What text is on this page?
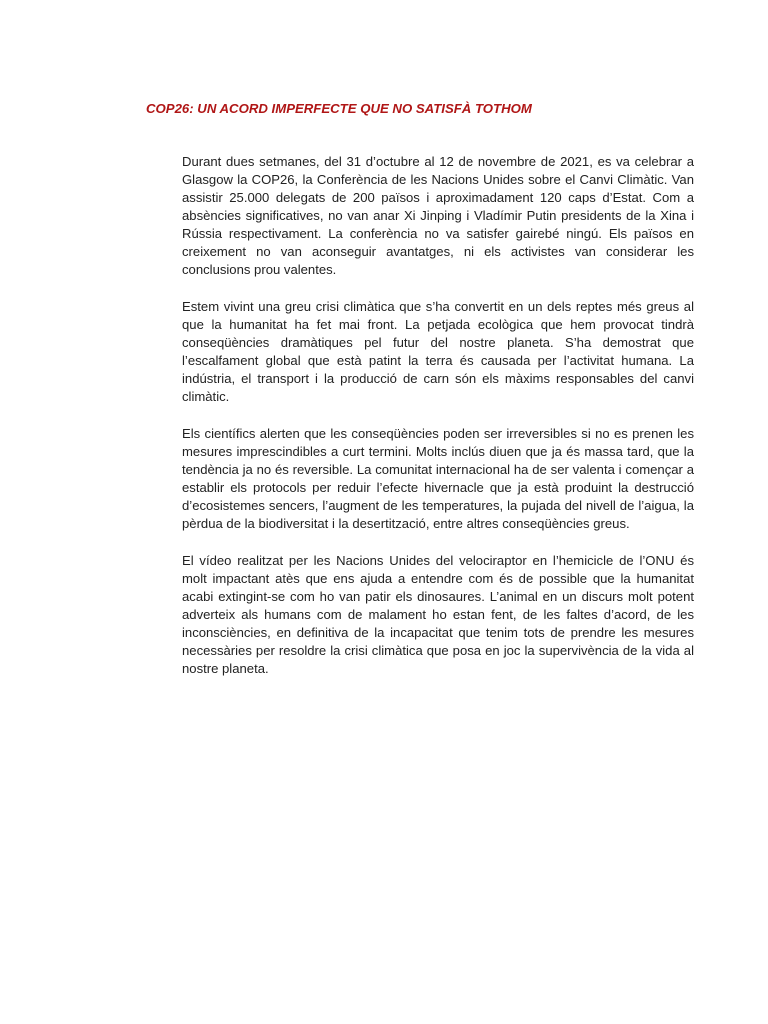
COP26: UN ACORD IMPERFECTE QUE NO SATISFÀ TOTHOM

Durant dues setmanes, del 31 d’octubre al 12 de novembre de 2021, es va celebrar a Glasgow la COP26, la Conferència de les Nacions Unides sobre el Canvi Climàtic. Van assistir 25.000 delegats de 200 països i aproximadament 120 caps d’Estat. Com a absències significatives, no van anar Xi Jinping i Vladímir Putin presidents de la Xina i Rússia respectivament. La conferència no va satisfer gairebé ningú. Els països en creixement no van aconseguir avantatges, ni els activistes van considerar les conclusions prou valentes.

Estem vivint una greu crisi climàtica que s’ha convertit en un dels reptes més greus al que la humanitat ha fet mai front. La petjada ecològica que hem provocat tindrà conseqüències dramàtiques pel futur del nostre planeta. S’ha demostrat que l’escalfament global que està patint la terra és causada per l’activitat humana. La indústria, el transport i la producció de carn són els màxims responsables del canvi climàtic.

Els científics alerten que les conseqüències poden ser irreversibles si no es prenen les mesures imprescindibles a curt termini. Molts inclús diuen que ja és massa tard, que la tendència ja no és reversible. La comunitat internacional ha de ser valenta i començar a establir els protocols per reduir l’efecte hivernacle que ja està produint la destrucció d’ecosistemes sencers, l’augment de les temperatures, la pujada del nivell de l’aigua, la pèrdua de la biodiversitat i la desertització, entre altres conseqüències greus.

El vídeo realitzat per les Nacions Unides del velociraptor en l’hemicicle de l’ONU és molt impactant atès que ens ajuda a entendre com és de possible que la humanitat acabi extingint-se com ho van patir els dinosaures. L’animal en un discurs molt potent adverteix als humans com de malament ho estan fent, de les faltes d’acord, de les inconsciències, en definitiva de la incapacitat que tenim tots de prendre les mesures necessàries per resoldre la crisi climàtica que posa en joc la supervivència de la vida al nostre planeta.
